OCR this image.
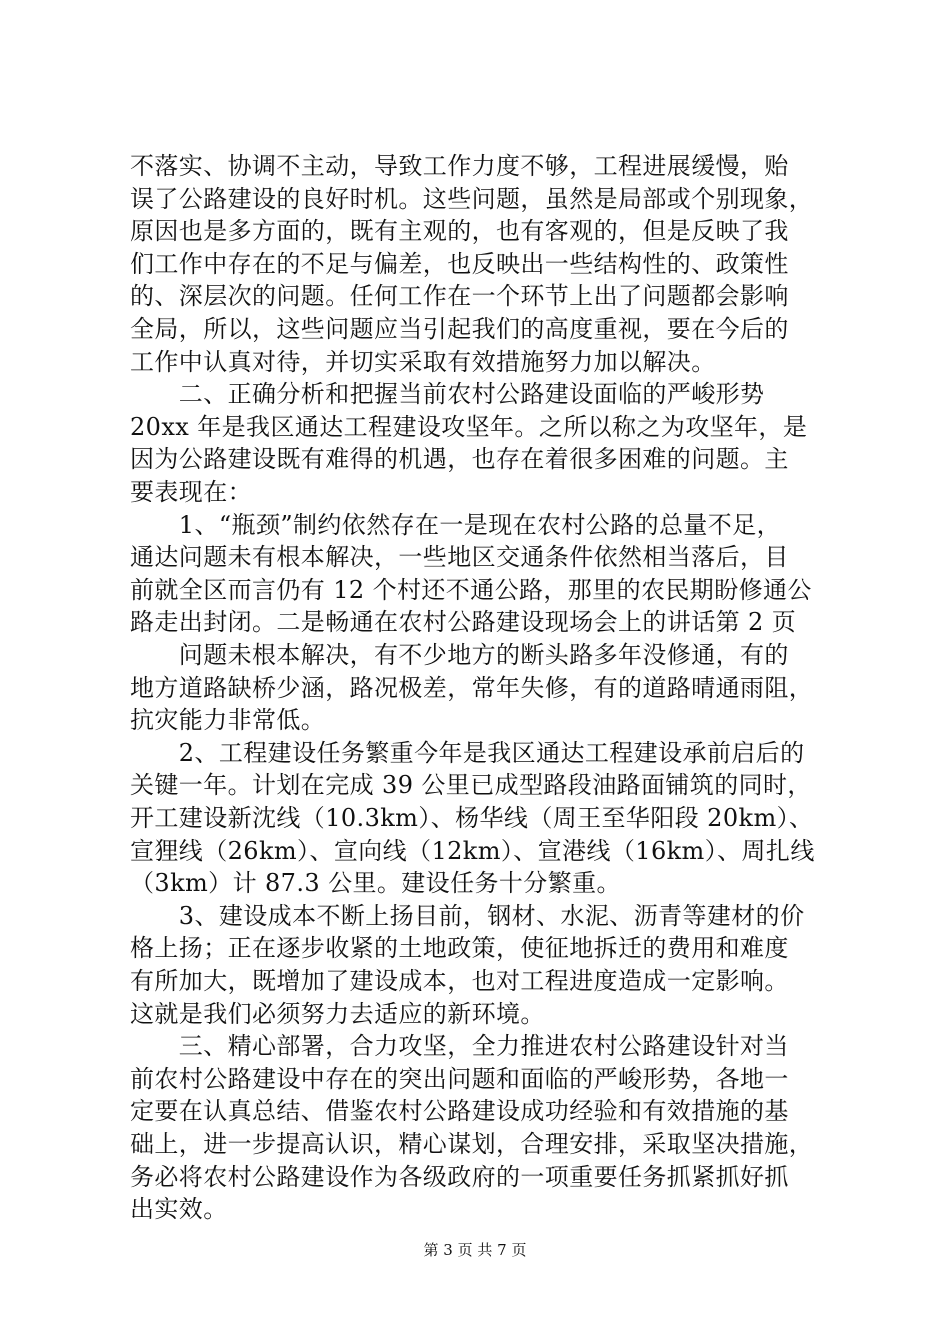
不落实、协调不主动，导致工作力度不够，工程进展缓慢，贻
误了公路建设的良好时机。这些问题，虽然是局部或个别现象，
原因也是多方面的，既有主观的，也有客观的，但是反映了我
们工作中存在的不足与偏差，也反映出一些结构性的、政策性
的、深层次的问题。任何工作在一个环节上出了问题都会影响
全局，所以，这些问题应当引起我们的高度重视，要在今后的
工作中认真对待，并切实采取有效措施努力加以解决。
　　二、正确分析和把握当前农村公路建设面临的严峻形势
20xx 年是我区通达工程建设攻坚年。之所以称之为攻坚年，是
因为公路建设既有难得的机遇，也存在着很多困难的问题。主
要表现在：
　　1、“瓶颈”制约依然存在一是现在农村公路的总量不足，
通达问题未有根本解决，一些地区交通条件依然相当落后，目
前就全区而言仍有 12 个村还不通公路，那里的农民期盼修通公
路走出封闭。二是畅通在农村公路建设现场会上的讲话第 2 页
　　问题未根本解决，有不少地方的断头路多年没修通，有的
地方道路缺桥少涵，路况极差，常年失修，有的道路晴通雨阻，
抗灾能力非常低。
　　2、工程建设任务繁重今年是我区通达工程建设承前启后的
关键一年。计划在完成 39 公里已成型路段油路面铺筑的同时，
开工建设新沈线（10.3km）、杨华线（周王至华阳段 20km）、
宣狸线（26km）、宣向线（12km）、宣港线（16km）、周扎线
（3km）计 87.3 公里。建设任务十分繁重。
　　3、建设成本不断上扬目前，钢材、水泥、沥青等建材的价
格上扬；正在逐步收紧的土地政策，使征地拆迁的费用和难度
有所加大，既增加了建设成本，也对工程进度造成一定影响。
这就是我们必须努力去适应的新环境。
　　三、精心部署，合力攻坚，全力推进农村公路建设针对当
前农村公路建设中存在的突出问题和面临的严峻形势，各地一
定要在认真总结、借鉴农村公路建设成功经验和有效措施的基
础上，进一步提高认识，精心谋划，合理安排，采取坚决措施，
务必将农村公路建设作为各级政府的一项重要任务抓紧抓好抓
出实效。
第 3 页 共 7 页
